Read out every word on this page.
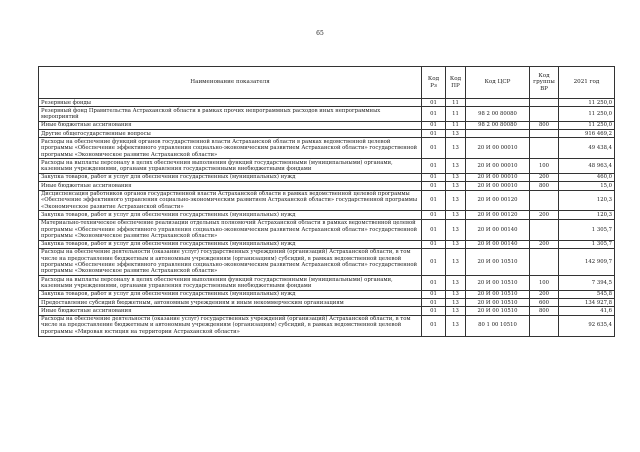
65
Наименование показателя	Код Рз	Код ПР	Код ЦСР	Код группы ВР	2021 год
Резервные фонды	01	11			11 250,0
Резервный фонд Правительства Астраханской области в рамках прочих непрограммных расходов иных непрограммных мероприятий	01	11	98 2 00 80080		11 250,0
Иные бюджетные ассигнования	01	11	98 2 00 80080	800	11 250,0
Другие общегосударственные вопросы	01	13			916 469,2
Расходы на обеспечение функций органов государственной власти Астраханской области в рамках ведомственной целевой программы «Обеспечение эффективного управления социально-экономическим развитием Астраханской области» государственной программы «Экономическое развитие Астраханской области»	01	13	20 И 00 00010		49 438,4
Расходы на выплаты персоналу в целях обеспечения выполнения функций государственными (муниципальными) органами, казенными учреждениями, органами управления государственными внебюджетными фондами	01	13	20 И 00 00010	100	48 963,4
Закупка товаров, работ и услуг для обеспечения государственных (муниципальных) нужд	01	13	20 И 00 00010	200	460,0
Иные бюджетные ассигнования	01	13	20 И 00 00010	800	15,0
Дисциспенсация работников органов государственной власти Астраханской области в рамках ведомственной целевой программы «Обеспечение эффективного управления социально-экономическим развитием Астраханской области» государственной программы «Экономическое развитие Астраханской области»	01	13	20 И 00 00120		120,3
Закупка товаров, работ и услуг для обеспечения государственных (муниципальных) нужд	01	13	20 И 00 00120	200	120,3
Материально-техническое обеспечение реализации отдельных полномочий Астраханской области в рамках ведомственной целевой программы «Обеспечение эффективного управления социально-экономическим развитием Астраханской области» государственной программы «Экономическое развитие Астраханской области»	01	13	20 И 00 00140		1 305,7
Закупка товаров, работ и услуг для обеспечения государственных (муниципальных) нужд	01	13	20 И 00 00140	200	1 305,7
Расходы на обеспечение деятельности (оказание услуг) государственных учреждений (организаций) Астраханской области, в том числе на предоставление бюджетным и автономным учреждениям (организациям) субсидий, в рамках ведомственной целевой программы «Обеспечение эффективного управления социально-экономическим развитием Астраханской области» государственной программы «Экономическое развитие Астраханской области»	01	13	20 И 00 10510		142 909,7
Расходы на выплаты персоналу в целях обеспечения выполнения функций государственными (муниципальными) органами, казенными учреждениями, органами управления государственными внебюджетными фондами	01	13	20 И 00 10510	100	7 394,5
Закупка товаров, работ и услуг для обеспечения государственных (муниципальных) нужд	01	13	20 И 00 10510	200	545,8
Предоставление субсидий бюджетным, автономным учреждениям и иным некоммерческим организациям	01	13	20 И 00 10510	600	134 927,8
Иные бюджетные ассигнования	01	13	20 И 00 10510	800	41,6
Расходы на обеспечение деятельности (оказание услуг) государственных учреждений (организаций) Астраханской области, в том числе на предоставление бюджетным и автономным учреждениям (организациям) субсидий, в рамках ведомственной целевой программы «Мировая юстиция на территории Астраханской области»	01	13	80 1 00 10510		92 635,4
